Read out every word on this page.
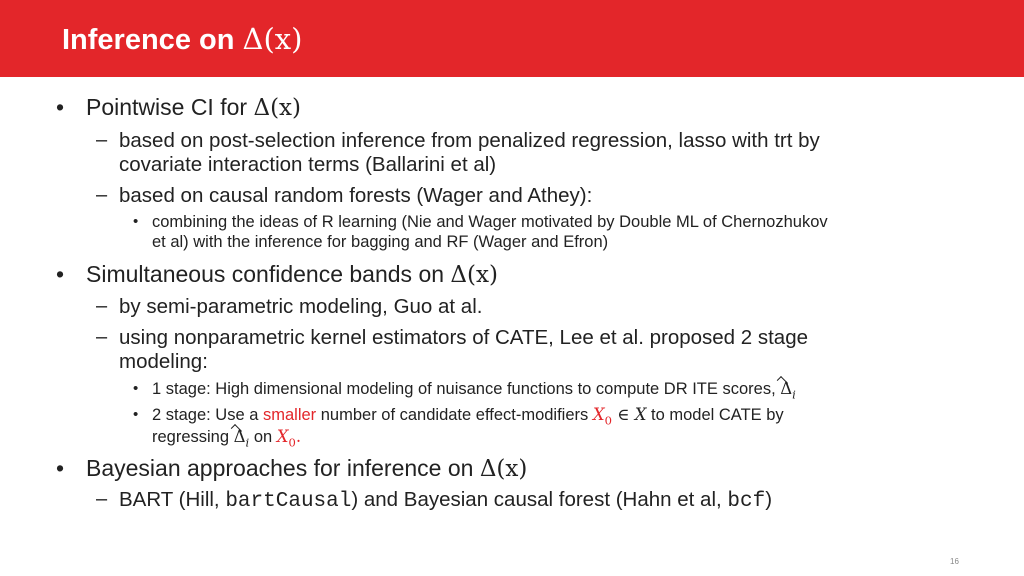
Inference on Δ(x)
• Pointwise CI for Δ(x)
– based on post-selection inference from penalized regression, lasso with trt by
covariate interaction terms (Ballarini et al)
– based on causal random forests (Wager and Athey):
• combining the ideas of R learning (Nie and Wager motivated by Double ML of Chernozhukov
et al) with the inference for bagging and RF (Wager and Efron)
• Simultaneous confidence bands on Δ(x)
– by semi-parametric modeling, Guo at al.
– using nonparametric kernel estimators of CATE, Lee et al. proposed 2 stage
modeling:
• 1 stage: High dimensional modeling of nuisance functions to compute DR ITE scores, $\Delta_i$
• 2 stage: Use a smaller number of candidate effect-modifiers $X_0$ ∈ X to model CATE by
regressing $\Delta_i$ on $X_0$.
• Bayesian approaches for inference on Δ(x)
– BART (Hill, bartCausal) and Bayesian causal forest (Hahn et al, bcf)
16
